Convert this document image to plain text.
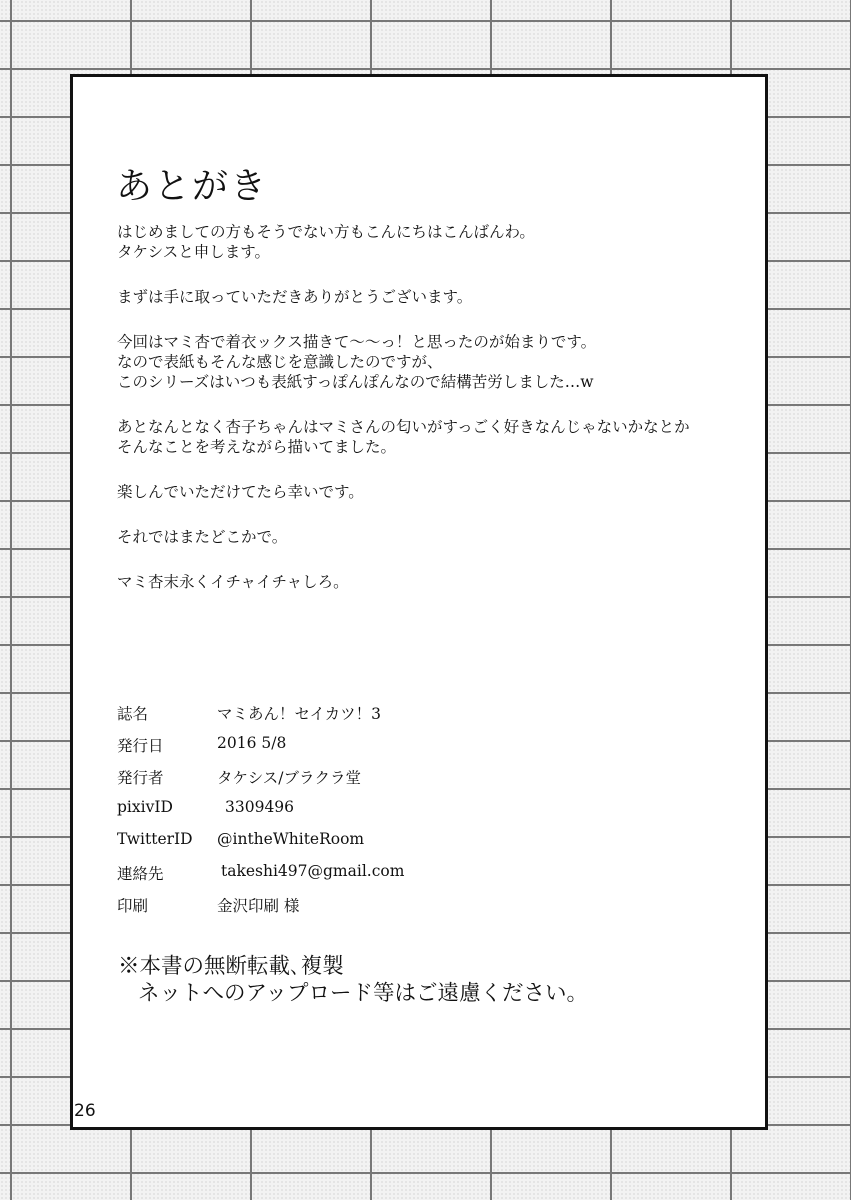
あとがき
はじめましての方もそうでない方もこんにちはこんばんわ。
タケシスと申します。
まずは手に取っていただきありがとうございます。
今回はマミ杏で着衣ックス描きて～～っ！と思ったのが始まりです。
なので表紙もそんな感じを意識したのですが、
このシリーズはいつも表紙すっぽんぽんなので結構苦労しました…w
あとなんとなく杏子ちゃんはマミさんの匂いがすっごく好きなんじゃないかなとか
そんなことを考えながら描いてました。
楽しんでいただけてたら幸いです。
それではまたどこかで。
マミ杏末永くイチャイチャしろ。
誌名	マミあん！セイカツ！3
発行日	2016 5/8
発行者	タケシス/ブラクラ堂
pixivID	3309496
TwitterID @intheWhiteRoom
連絡先	takeshi497@gmail.com
印刷	金沢印刷 様
※本書の無断転載､複製
ネットへのアップロード等はご遠慮ください。
26
